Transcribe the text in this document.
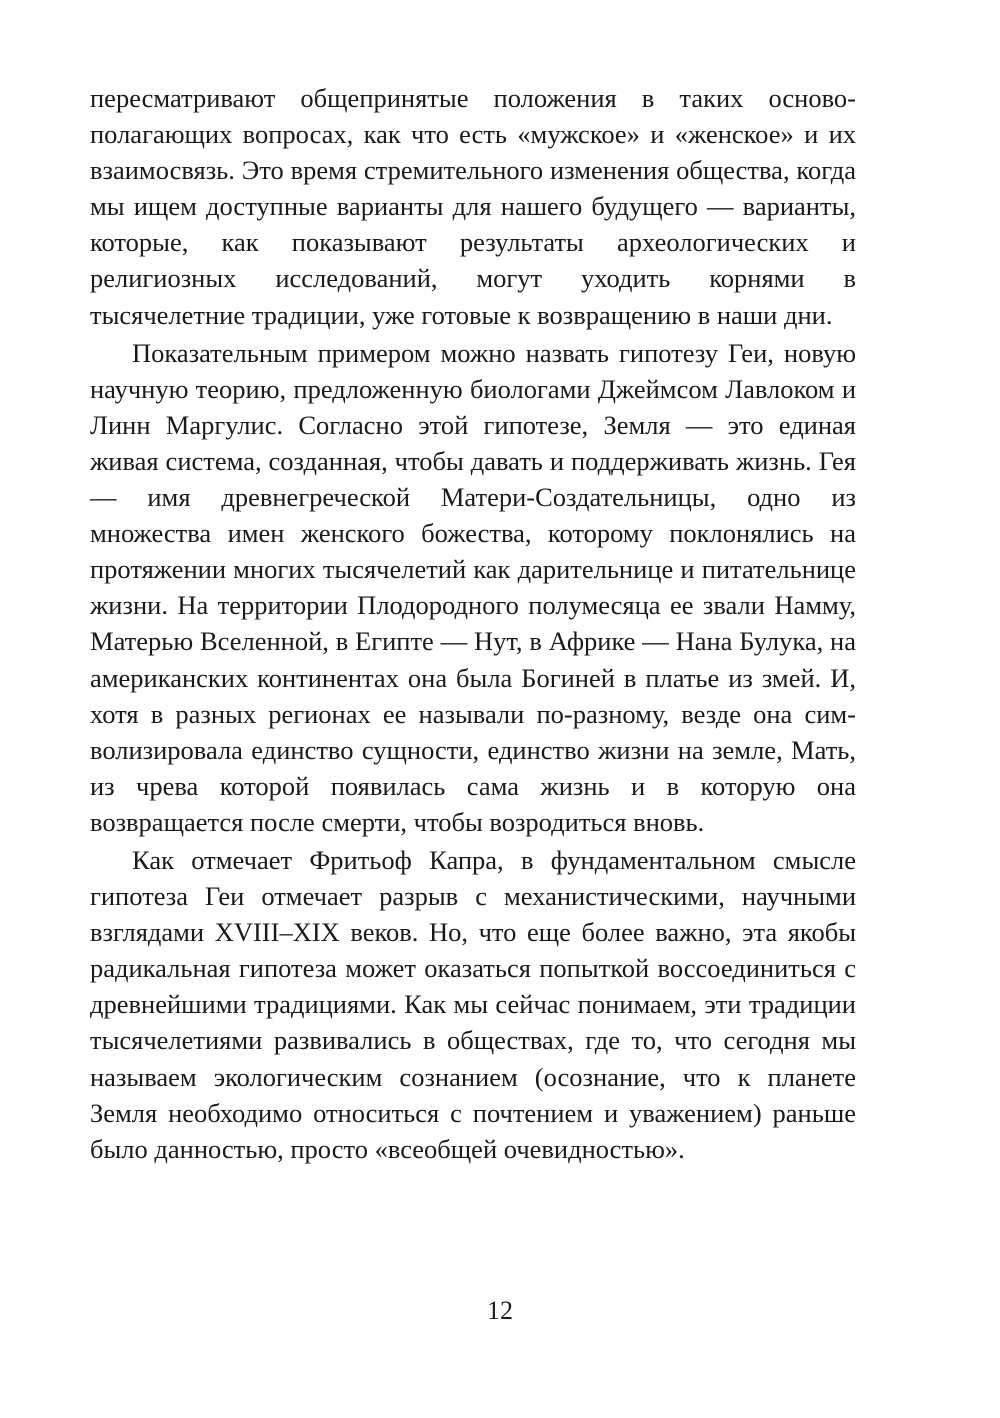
пересматривают общепринятые положения в таких основополагающих вопросах, как что есть «мужское» и «женское» и их взаимосвязь. Это время стремительного изменения общества, когда мы ищем доступные варианты для нашего будущего — варианты, которые, как показывают результаты археологических и религиозных исследований, могут уходить корнями в тысячелетние традиции, уже готовые к возвращению в наши дни.

Показательным примером можно назвать гипотезу Геи, новую научную теорию, предложенную биологами Джеймсом Лавлоком и Линн Маргулис. Согласно этой гипотезе, Земля — это единая живая система, созданная, чтобы давать и поддерживать жизнь. Гея — имя древнегреческой Матери-Создательницы, одно из множества имен женского божества, которому поклонялись на протяжении многих тысячелетий как дарительнице и питательнице жизни. На территории Плодородного полумесяца ее звали Намму, Матерью Вселенной, в Египте — Нут, в Африке — Нана Булука, на американских континентах она была Богиней в платье из змей. И, хотя в разных регионах ее называли по-разному, везде она символизировала единство сущности, единство жизни на земле, Мать, из чрева которой появилась сама жизнь и в которую она возвращается после смерти, чтобы возродиться вновь.

Как отмечает Фритьоф Капра, в фундаментальном смысле гипотеза Геи отмечает разрыв с механистическими, научными взглядами XVIII–XIX веков. Но, что еще более важно, эта якобы радикальная гипотеза может оказаться попыткой воссоединиться с древнейшими традициями. Как мы сейчас понимаем, эти традиции тысячелетиями развивались в обществах, где то, что сегодня мы называем экологическим сознанием (осознание, что к планете Земля необходимо относиться с почтением и уважением) раньше было данностью, просто «всеобщей очевидностью».

12
